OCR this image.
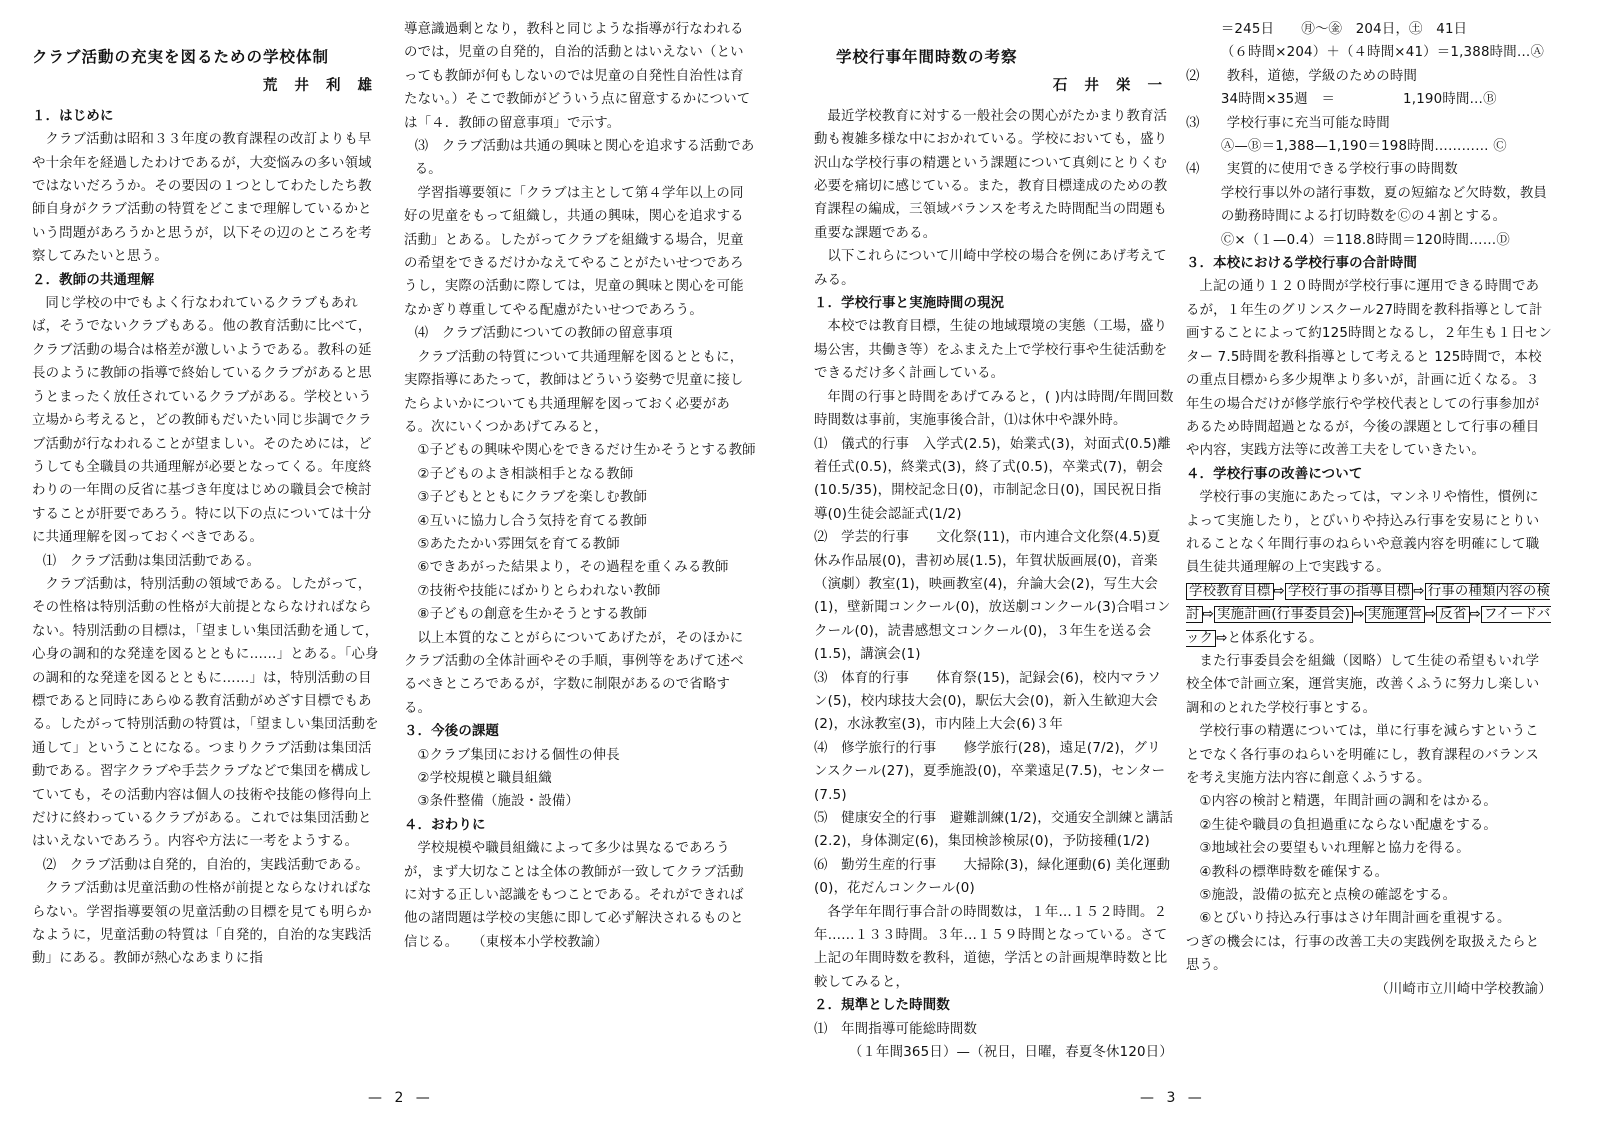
クラブ活動の充実を図るための学校体制
荒 井 利 雄
１．はじめに

クラブ活動は昭和３３年度の教育課程の改訂よりも早や十余年を経過したわけであるが，大変悩みの多い領域ではないだろうか。その要因の１つとしてわたしたち教師自身がクラブ活動の特質をどこまで理解しているかという問題があろうかと思うが，以下その辺のところを考察してみたいと思う。

２．教師の共通理解

同じ学校の中でもよく行なわれているクラブもあれば，そうでないクラブもある。他の教育活動に比べて，クラブ活動の場合は格差が激しいようである。教科の延長のように教師の指導で終始しているクラブがあると思うとまったく放任されているクラブがある。学校という立場から考えると，どの教師もだいたい同じ歩調でクラブ活動が行なわれることが望ましい。そのためには，どうしても全職員の共通理解が必要となってくる。年度終わりの一年間の反省に基づき年度はじめの職員会で検討することが肝要であろう。特に以下の点については十分に共通理解を図っておくべきである。

⑴　クラブ活動は集団活動である。

クラブ活動は，特別活動の領域である。したがって，その性格は特別活動の性格が大前提とならなければならない。特別活動の目標は，「望ましい集団活動を通して，心身の調和的な発達を図るとともに……」とある。「心身の調和的な発達を図るとともに……」は，特別活動の目標であると同時にあらゆる教育活動がめざす目標でもある。したがって特別活動の特質は，「望ましい集団活動を通して」ということになる。つまりクラブ活動は集団活動である。習字クラブや手芸クラブなどで集団を構成していても，その活動内容は個人の技術や技能の修得向上だけに終わっているクラブがある。これでは集団活動とはいえないであろう。内容や方法に一考をようする。

⑵　クラブ活動は自発的，自治的，実践活動である。

クラブ活動は児童活動の性格が前提とならなければならない。学習指導要領の児童活動の目標を見ても明らかなように，児童活動の特質は「自発的，自治的な実践活動」にある。教師が熱心なあまりに指

導意識過剰となり，教科と同じような指導が行なわれるのでは，児童の自発的，自治的活動とはいえない（といっても教師が何もしないのでは児童の自発性自治性は育たない。）そこで教師がどういう点に留意するかについては「４．教師の留意事項」で示す。

⑶　クラブ活動は共通の興味と関心を追求する活動である。

学習指導要領に「クラブは主として第４学年以上の同好の児童をもって組織し，共通の興味，関心を追求する活動」とある。したがってクラブを組織する場合，児童の希望をできるだけかなえてやることがたいせつであろうし，実際の活動に際しては，児童の興味と関心を可能なかぎり尊重してやる配慮がたいせつであろう。

⑷　クラブ活動についての教師の留意事項

クラブ活動の特質について共通理解を図るとともに，実際指導にあたって，教師はどういう姿勢で児童に接したらよいかについても共通理解を図っておく必要がある。次にいくつかあげてみると，

①子どもの興味や関心をできるだけ生かそうとする教師
②子どものよき相談相手となる教師
③子どもとともにクラブを楽しむ教師
④互いに協力し合う気持を育てる教師
⑤あたたかい雰囲気を育てる教師
⑥できあがった結果より，その過程を重くみる教師
⑦技術や技能にばかりとらわれない教師
⑧子どもの創意を生かそうとする教師

以上本質的なことがらについてあげたが，そのほかにクラブ活動の全体計画やその手順，事例等をあげて述べるべきところであるが，字数に制限があるので省略する。

３．今後の課題
①クラブ集団における個性の伸長
②学校規模と職員組織
③条件整備（施設・設備）
４．おわりに

学校規模や職員組織によって多少は異なるであろうが，まず大切なことは全体の教師が一致してクラブ活動に対する正しい認識をもつことである。それができれば他の諸問題は学校の実態に即して必ず解決されるものと信じる。　　（東桜本小学校教諭）

— 2 —
学校行事年間時数の考察
石 井 栄 一

最近学校教育に対する一般社会の関心がたかまり教育活動も複雑多様な中におかれている。学校においても，盛り沢山な学校行事の精選という課題について真剣にとりくむ必要を痛切に感じている。また，教育目標達成のための教育課程の編成，三領域バランスを考えた時間配当の問題も重要な課題である。

以下これらについて川崎中学校の場合を例にあげ考えてみる。

１．学校行事と実施時間の現況

本校では教育目標，生徒の地域環境の実態（工場，盛り場公害，共働き等）をふまえた上で学校行事や生徒活動をできるだけ多く計画している。

年間の行事と時間をあげてみると，( )内は時間/年間回数 時間数は事前，実施事後合計，⑴は休中や課外時。

⑴　儀式的行事　入学式(2.5)，始業式(3)，対面式(0.5)離着任式(0.5)，終業式(3)，終了式(0.5)，卒業式(7)，朝会(10.5/35)，開校記念日(0)，市制記念日(0)，国民祝日指導(0)生徒会認証式(1/2)
⑵　学芸的行事　　文化祭(11)，市内連合文化祭(4.5)夏休み作品展(0)，書初め展(1.5)，年賀状版画展(0)，音楽（演劇）教室(1)，映画教室(4)，弁論大会(2)，写生大会(1)，壁新聞コンクール(0)，放送劇コンクール(3)合唱コンクール(0)，読書感想文コンクール(0)，３年生を送る会(1.5)，講演会(1)
⑶　体育的行事　　体育祭(15)，記録会(6)，校内マラソン(5)，校内球技大会(0)，駅伝大会(0)，新入生歓迎大会(2)，水泳教室(3)，市内陸上大会(6)３年
⑷　修学旅行的行事　　修学旅行(28)，遠足(7/2)，グリンスクール(27)，夏季施設(0)，卒業遠足(7.5)，センター(7.5)
⑸　健康安全的行事　避難訓練(1/2)，交通安全訓練と講話(2.2)，身体測定(6)，集団検診検尿(0)，予防接種(1/2)
⑹　勤労生産的行事　　大掃除(3)，緑化運動(6) 美化運動(0)，花だんコンクール(0)

各学年年間行事合計の時間数は，１年…１５２時間。２年……１３３時間。３年…１５９時間となっている。さて上記の年間時数を教科，道徳，学活との計画規準時数と比較してみると，

２．規準とした時間数
⑴　年間指導可能総時間数
（１年間365日）—（祝日，日曜，春夏冬休120日）
＝245日　　㊊～㊎　204日，㊏　41日
（６時間×204）＋（４時間×41）＝1,388時間…Ⓐ
⑵　　教科，道徳，学級のための時間
34時間×35週　＝　　　　　1,190時間…Ⓑ
⑶　　学校行事に充当可能な時間
Ⓐ—Ⓑ＝1,388—1,190＝198時間………… Ⓒ
⑷　　実質的に使用できる学校行事の時間数
学校行事以外の諸行事数，夏の短縮など欠時数，教員の勤務時間による打切時数をⒸの４割とする。
Ⓒ×（１—0.4）＝118.8時間＝120時間……Ⓓ
３．本校における学校行事の合計時間

上記の通り１２０時間が学校行事に運用できる時間であるが，１年生のグリンスクール27時間を教科指導として計画することによって約125時間となるし，２年生も１日センター 7.5時間を教科指導として考えると 125時間で，本校の重点目標から多少規準より多いが，計画に近くなる。３年生の場合だけが修学旅行や学校代表としての行事参加があるため時間超過となるが，今後の課題として行事の種目や内容，実践方法等に改善工夫をしていきたい。

４．学校行事の改善について

学校行事の実施にあたっては，マンネリや惰性，慣例によって実施したり，とびいりや持込み行事を安易にとりいれることなく年間行事のねらいや意義内容を明確にして職員生徒共通理解の上で実践する。

学校教育目標 ⇨ 学校行事の指導目標 ⇨ 行事の種類内容の検討 ⇨ 実施計画(行事委員会) ⇨ 実施運営 ⇨ 反省 ⇨ フイードバック ⇨と体系化する。

また行事委員会を組織（図略）して生徒の希望もいれ学校全体で計画立案，運営実施，改善くふうに努力し楽しい調和のとれた学校行事とする。

学校行事の精選については，単に行事を減らすということでなく各行事のねらいを明確にし，教育課程のバランスを考え実施方法内容に創意くふうする。

①内容の検討と精選，年間計画の調和をはかる。
②生徒や職員の負担過重にならない配慮をする。
③地域社会の要望もいれ理解と協力を得る。
④教科の標準時数を確保する。
⑤施設，設備の拡充と点検の確認をする。
⑥とびいり持込み行事はさけ年間計画を重視する。

つぎの機会には，行事の改善工夫の実践例を取扱えたらと思う。

（川崎市立川崎中学校教諭）
— 3 —
